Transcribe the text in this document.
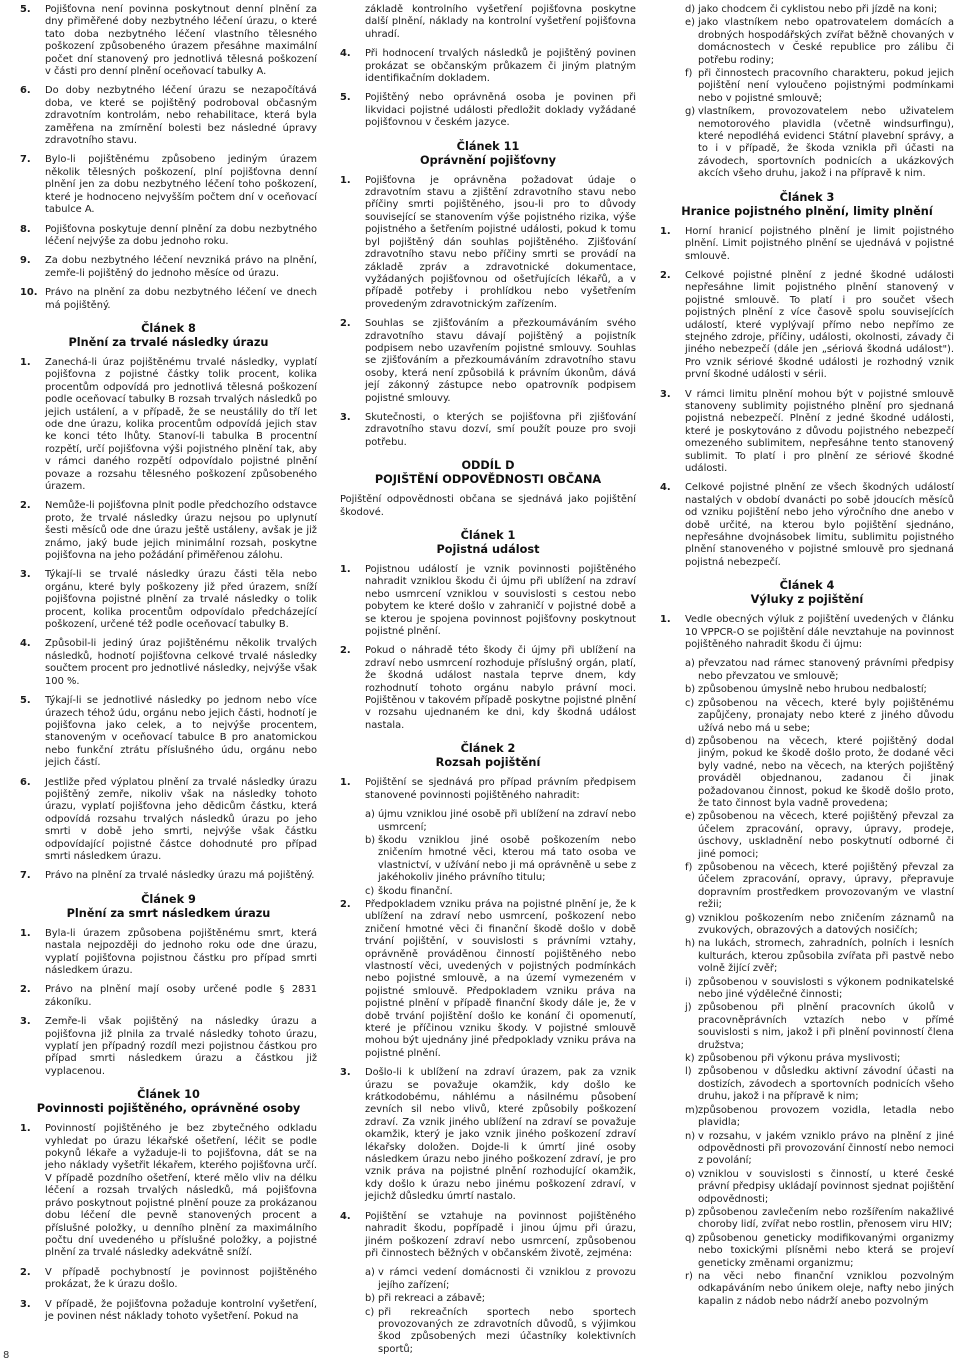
5. Pojišťovna není povinna poskytnout denní plnění za dny přiměřené doby nezbytného léčení úrazu, o které tato doba nezbytného léčení vlastního tělesného poškození způsobeného úrazem přesáhne maximální počet dní stanovený pro jednotlivá tělesná poškození v části pro denní plnění oceňovací tabulky A.
6. Do doby nezbytného léčení úrazu se nezapočítává doba, ve které se pojištěný podroboval občasným zdravotním kontrolám, nebo rehabilitace, která byla zaměřena na zmírnění bolesti bez následné úpravy zdravotního stavu.
7. Bylo-li pojištěnému způsobeno jediným úrazem několik tělesných poškození, plní pojišťovna denní plnění jen za dobu nezbytného léčení toho poškození, které je hodnoceno nejvyšším počtem dní v oceňovací tabulce A.
8. Pojišťovna poskytuje denní plnění za dobu nezbytného léčení nejvýše za dobu jednoho roku.
9. Za dobu nezbytného léčení nevzniká právo na plnění, zemře-li pojištěný do jednoho měsíce od úrazu.
10. Právo na plnění za dobu nezbytného léčení ve dnech má pojištěný.
Článek 8
Plnění za trvalé následky úrazu
1. Zanechá-li úraz pojištěnému trvalé následky, vyplatí pojišťovna z pojistné částky tolik procent, kolika procentům odpovídá pro jednotlivá tělesná poškození podle oceňovací tabulky B rozsah trvalých následků po jejich ustálení, a v případě, že se neustálily do tří let ode dne úrazu, kolika procentům odpovídá jejich stav ke konci této lhůty. Stanoví-li tabulka B procentní rozpětí, určí pojišťovna výši pojistného plnění tak, aby v rámci daného rozpětí odpovídalo pojistné plnění povaze a rozsahu tělesného poškození způsobeného úrazem.
2. Nemůže-li pojišťovna plnit podle předchozího odstavce proto, že trvalé následky úrazu nejsou po uplynutí šesti měsíců ode dne úrazu ještě ustáleny, avšak je již známo, jaký bude jejich minimální rozsah, poskytne pojišťovna na jeho požádání přiměřenou zálohu.
3. Týkají-li se trvalé následky úrazu části těla nebo orgánu, které byly poškozeny již před úrazem, sníží pojišťovna pojistné plnění za trvalé následky o tolik procent, kolika procentům odpovídalo předcházející poškození, určené též podle oceňovací tabulky B.
4. Způsobil-li jediný úraz pojištěnému několik trvalých následků, hodnotí pojišťovna celkové trvalé následky součtem procent pro jednotlivé následky, nejvýše však 100 %.
5. Týkají-li se jednotlivé následky po jednom nebo více úrazech téhož údu, orgánu nebo jejich části, hodnotí je pojišťovna jako celek, a to nejvýše procentem, stanoveným v oceňovací tabulce B pro anatomickou nebo funkční ztrátu příslušného údu, orgánu nebo jejich částí.
6. Jestliže před výplatou plnění za trvalé následky úrazu pojištěný zemře, nikoliv však na následky tohoto úrazu, vyplatí pojišťovna jeho dědicům částku, která odpovídá rozsahu trvalých následků úrazu po jeho smrti v době jeho smrti, nejvýše však částku odpovídající pojistné částce dohodnuté pro případ smrti následkem úrazu.
7. Právo na plnění za trvalé následky úrazu má pojištěný.
Článek 9
Plnění za smrt následkem úrazu
1. Byla-li úrazem způsobena pojištěnému smrt, která nastala nejpozději do jednoho roku ode dne úrazu, vyplatí pojišťovna pojistnou částku pro případ smrti následkem úrazu.
2. Právo na plnění mají osoby určené podle § 2831 zákoníku.
3. Zemře-li však pojištěný na následky úrazu a pojišťovna již plnila za trvalé následky tohoto úrazu, vyplatí jen případný rozdíl mezi pojistnou částkou pro případ smrti následkem úrazu a částkou již vyplacenou.
Článek 10
Povinnosti pojištěného, oprávněné osoby
1. Povinností pojištěného je bez zbytečného odkladu vyhledat po úrazu lékařské ošetření, léčit se podle pokynů lékaře a vyžaduje-li to pojišťovna, dát se na jeho náklady vyšetřit lékařem, kterého pojišťovna určí. V případě pozdního ošetření, které mělo vliv na délku léčení a rozsah trvalých následků, má pojišťovna právo poskytnout pojistné plnění pouze za prokázanou dobu léčení dle pevně stanovených procent a příslušné položky, u denního plnění za maximálního počtu dní uvedeného u příslušné položky, a pojistné plnění za trvalé následky adekvátně sníží.
2. V případě pochybností je povinnost pojištěného prokázat, že k úrazu došlo.
3. V případě, že pojišťovna požaduje kontrolní vyšetření, je povinen nést náklady tohoto vyšetření. Pokud na
základě kontrolního vyšetření pojišťovna poskytne další plnění, náklady na kontrolní vyšetření pojišťovna uhradí.
4. Při hodnocení trvalých následků je pojištěný povinen prokázat se občanským průkazem či jiným platným identifikačním dokladem.
5. Pojištěný nebo oprávněná osoba je povinen při likvidaci pojistné události předložit doklady vyžádané pojišťovnou v českém jazyce.
Článek 11
Oprávnění pojišťovny
1. Pojišťovna je oprávněna požadovat údaje o zdravotním stavu a zjištění zdravotního stavu nebo příčiny smrti pojištěného, jsou-li pro to důvody související se stanovením výše pojistného rizika, výše pojistného a šetřením pojistné události, pokud k tomu byl pojištěný dán souhlas pojištěného. Zjišťování zdravotního stavu nebo příčiny smrti se provádí na základě zpráv a zdravotnické dokumentace, vyžádaných pojišťovnou od ošetřujících lékařů, a v případě potřeby i prohlídkou nebo vyšetřením provedeným zdravotnickým zařízením.
2. Souhlas se zjišťováním a přezkoumáváním svého zdravotního stavu dávají pojištěný a pojistník podpisem nebo uzavřením pojistné smlouvy. Souhlas se zjišťováním a přezkoumáváním zdravotního stavu osoby, která není způsobilá k právním úkonům, dává její zákonný zástupce nebo opatrovník podpisem pojistné smlouvy.
3. Skutečnosti, o kterých se pojišťovna při zjišťování zdravotního stavu dozví, smí použít pouze pro svoji potřebu.
ODDÍL D
POJIŠTĚNÍ ODPOVĚDNOSTI OBČANA
Pojištění odpovědnosti občana se sjednává jako pojištění škodové.
Článek 1
Pojistná událost
1. Pojistnou událostí je vznik povinnosti pojištěného nahradit vzniklou škodu či újmu při ublížení na zdraví nebo usmrcení vzniklou v souvislosti s cestou nebo pobytem ke které došlo v zahraničí v pojistné době a se kterou je spojena povinnost pojišťovny poskytnout pojistné plnění.
2. Pokud o náhradě této škody či újmy při ublížení na zdraví nebo usmrcení rozhoduje příslušný orgán, platí, že škodná událost nastala teprve dnem, kdy rozhodnutí tohoto orgánu nabylo právní moci. Pojištěnou v takovém případě poskytne pojistné plnění v rozsahu ujednaném ke dni, kdy škodná událost nastala.
Článek 2
Rozsah pojištění
1. Pojištění se sjednává pro případ právním předpisem stanovené povinnosti pojištěného nahradit:
a) újmu vzniklou jiné osobě při ublížení na zdraví nebo usmrcení;
b) škodu vzniklou jiné osobě poškozením nebo zničením hmotné věci, kterou má tato osoba ve vlastnictví, v užívání nebo ji má oprávněně u sebe z jakéhokoliv jiného právního titulu;
c) škodu finanční.
2. Předpokladem vzniku práva na pojistné plnění je, že k ublížení na zdraví nebo usmrcení, poškození nebo zničení hmotné věci či finanční škodě došlo v době trvání pojištění, v souvislosti s právními vztahy, oprávněně prováděnou činností pojištěného nebo vlastností věci, uvedených v pojistných podmínkách nebo pojistné smlouvě, a na území vymezeném v pojistné smlouvě. Předpokladem vzniku práva na pojistné plnění v případě finanční škody dále je, že v době trvání pojištění došlo ke konání či opomenutí, které je příčinou vzniku škody. V pojistné smlouvě mohou být ujednány jiné předpoklady vzniku práva na pojistné plnění.
3. Došlo-li k ublížení na zdraví úrazem, pak za vznik úrazu se považuje okamžik, kdy došlo ke krátkodobému, náhlému a násilnému působení zevních sil nebo vlivů, které způsobily poškození zdraví. Za vznik jiného ublížení na zdraví se považuje okamžik, který je jako vznik jiného poškození zdraví lékařsky doložen. Dojde-li k úmrtí jiné osoby následkem úrazu nebo jiného poškození zdraví, je pro vznik práva na pojistné plnění rozhodující okamžik, kdy došlo k úrazu nebo jinému poškození zdraví, v jejichž důsledku úmrtí nastalo.
4. Pojištění se vztahuje na povinnost pojištěného nahradit škodu, popřípadě i jinou újmu při úrazu, jiném poškození zdraví nebo usmrcení, způsobenou při činnostech běžných v občanském životě, zejména:
a) v rámci vedení domácnosti či vzniklou z provozu jejího zařízení;
b) při rekreaci a zábavě;
c) při rekreačních sportech nebo sportech provozovaných ze zdravotních důvodů, s výjimkou škod způsobených mezi účastníky kolektivních sportů;
d) jako chodcem či cyklistou nebo při jízdě na koni;
e) jako vlastníkem nebo opatrovatelem domácích a drobných hospodářských zvířat běžně chovaných v domácnostech v České republice pro zálibu či potřebu rodiny;
f) při činnostech pracovního charakteru, pokud jejich pojištění není vyloučeno pojistnými podmínkami nebo v pojistné smlouvě;
g) vlastníkem, provozovatelem nebo uživatelem nemotorového plavidla (včetně windsurfingu), které nepodléhá evidenci Státní plavební správy, a to i v případě, že škoda vznikla při účasti na závodech, sportovních podnicích a ukázkových akcích všeho druhu, jakož i na přípravě k nim.
Článek 3
Hranice pojistného plnění, limity plnění
1. Horní hranicí pojistného plnění je limit pojistného plnění. Limit pojistného plnění se ujednává v pojistné smlouvě.
2. Celkové pojistné plnění z jedné škodné události nepřesáhne limit pojistného plnění stanovený v pojistné smlouvě. To platí i pro součet všech pojistných plnění z více časově spolu souvisejících událostí, které vyplývají přímo nebo nepřímo ze stejného zdroje, příčiny, události, okolnosti, závady či jiného nebezpečí (dále jen „sériová škodná událost"). Pro vznik sériové škodné události je rozhodný vznik první škodné události v sérii.
3. V rámci limitu plnění mohou být v pojistné smlouvě stanoveny sublimity pojistného plnění pro sjednaná pojistná nebezpečí. Plnění z jedné škodné události, které je poskytováno z důvodu pojistného nebezpečí omezeného sublimitem, nepřesáhne tento stanovený sublimit. To platí i pro plnění ze sériové škodné události.
4. Celkové pojistné plnění ze všech škodných událostí nastalých v období dvanácti po sobě jdoucích měsíců od vzniku pojištění nebo jeho výročního dne anebo v době určité, na kterou bylo pojištění sjednáno, nepřesáhne dvojnásobek limitu, sublimitu pojistného plnění stanoveného v pojistné smlouvě pro sjednaná pojistná nebezpečí.
Článek 4
Výluky z pojištění
1. Vedle obecných výluk z pojištění uvedených v článku 10 VPPCR-O se pojištění dále nevztahuje na povinnost pojištěného nahradit škodu či újmu:
a) převzatou nad rámec stanovený právními předpisy nebo převzatou ve smlouvě;
b) způsobenou úmyslně nebo hrubou nedbalostí;
c) způsobenou na věcech, které byly pojištěnému zapůjčeny, pronajaty nebo které z jiného důvodu užívá nebo má u sebe;
d) způsobenou na věcech, které pojištěný dodal jiným, pokud ke škodě došlo proto, že dodané věci byly vadné, nebo na věcech, na kterých pojištěný prováděl objednanou, zadanou či jinak požadovanou činnost, pokud ke škodě došlo proto, že tato činnost byla vadně provedena;
e) způsobenou na věcech, které pojištěný převzal za účelem zpracování, opravy, úpravy, prodeje, úschovy, uskladnění nebo poskytnutí odborné či jiné pomoci;
f) způsobenou na věcech, které pojištěný převzal za účelem zpracování, opravy, úpravy, přepravuje dopravním prostředkem provozovaným ve vlastní režii;
g) vzniklou poškozením nebo zničením záznamů na zvukových, obrazových a datových nosičích;
h) na lukách, stromech, zahradních, polních i lesních kulturách, kterou způsobila zvířata při pastvě nebo volně žijící zvěř;
i) způsobenou v souvislosti s výkonem podnikatelské nebo jiné výdělečné činnosti;
j) způsobenou při plnění pracovních úkolů v pracovněprávních vztazích nebo v přímé souvislosti s nim, jakož i při plnění povinností člena družstva;
k) způsobenou při výkonu práva myslivosti;
l) způsobenou v důsledku aktivní závodní účasti na dostizích, závodech a sportovních podnicích všeho druhu, jakož i na přípravě k nim;
m) způsobenou provozem vozidla, letadla nebo plavidla;
n) v rozsahu, v jakém vzniklo právo na plnění z jiné odpovědnosti při provozování činností nebo nemoci z povolání;
o) vzniklou v souvislosti s činností, u které české právní předpisy ukládají povinnost sjednat pojištění odpovědnosti;
p) způsobenou zavlečením nebo rozšířením nakažlivé choroby lidí, zvířat nebo rostlin, přenosem viru HIV;
q) způsobenou geneticky modifikovanými organizmy nebo toxickými plísněmi nebo která se projeví geneticky změnami organizmu;
r) na věci nebo finanční vzniklou pozvolným odkapáváním nebo únikem oleje, nafty nebo jiných kapalin z nádob nebo nádrží anebo pozvolným
8
